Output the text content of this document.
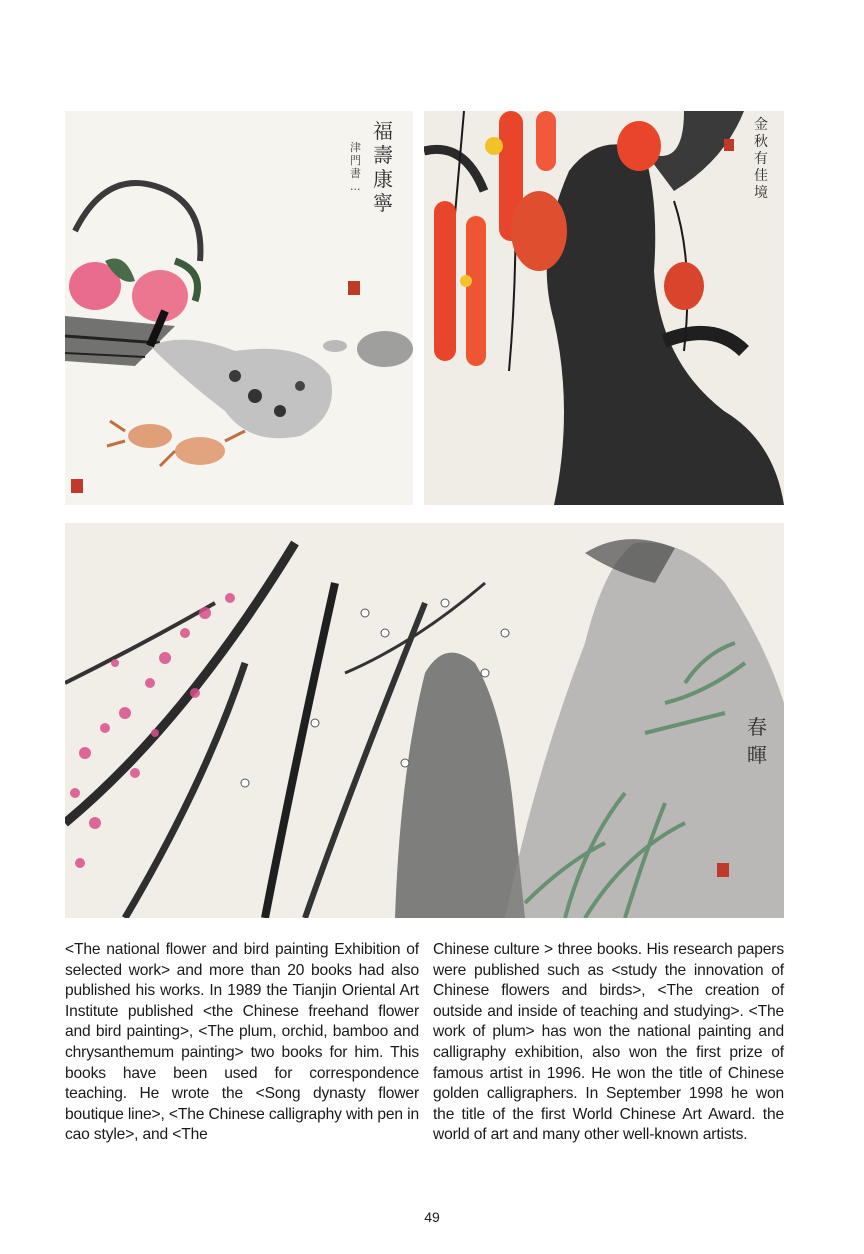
福壽康寧
津門 書 ...
金秋有佳境
春暉
<The national flower and bird painting Exhibition of selected work> and more than 20 books had also published his works. In 1989 the Tianjin Oriental Art Institute published <the Chinese freehand flower and bird painting>, <The plum, orchid, bamboo and chrysanthemum painting> two books for him. This books have been used for correspondence teaching. He wrote the <Song dynasty flower boutique line>, <The Chinese calligraphy with pen in cao style>, and <The
Chinese culture > three books. His research papers were published such as <study the innovation of Chinese flowers and birds>, <The creation of outside and inside of teaching and studying>. <The work of plum> has won the national painting and calligraphy exhibition, also won the first prize of famous artist in 1996. He won the title of Chinese golden calligraphers. In September 1998 he won the title of the first World Chinese Art Award. the world of art and many other well-known artists.
49
